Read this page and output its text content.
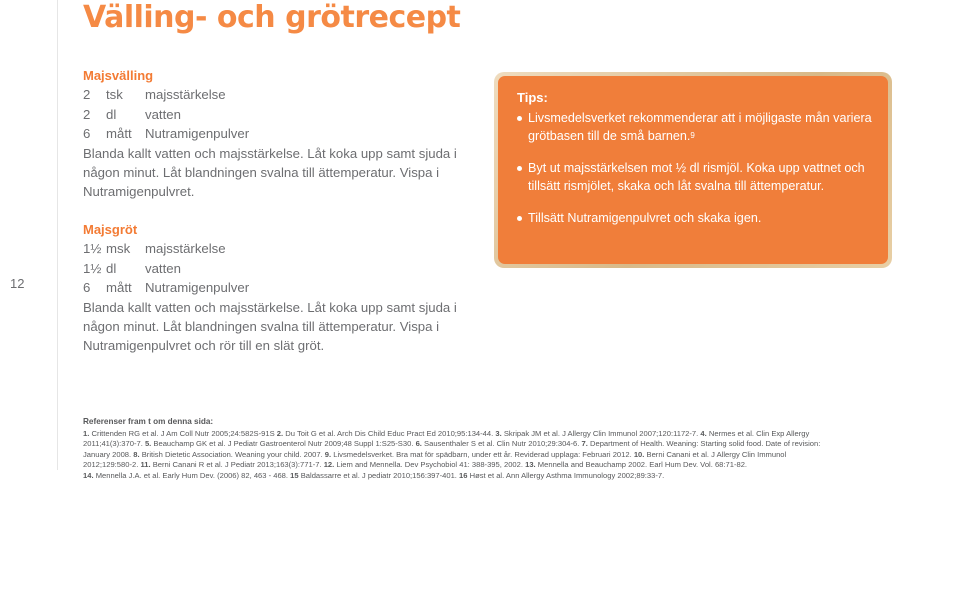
12
Välling- och grötrecept
Majsvälling
2	tsk	majsstärkelse
2	dl	vatten
6	mått	Nutramigenpulver

Blanda kallt vatten och majsstärkelse. Låt koka upp samt sjuda i någon minut. Låt blandningen svalna till ättemperatur. Vispa i Nutramigenpulvret.

Majsgröt
1½ msk	majsstärkelse
1½ dl	vatten
6	mått	Nutramigenpulver

Blanda kallt vatten och majsstärkelse. Låt koka upp samt sjuda i någon minut. Låt blandningen svalna till ättemperatur. Vispa i Nutramigenpulvret och rör till en slät gröt.

Tips:
Livsmedelsverket rekommenderar att i möjligaste mån variera grötbasen till de små barnen.$^9$
Byt ut majsstärkelsen mot ½ dl rismjöl. Koka upp vattnet och tillsätt rismjölet, skaka och låt svalna till ättemperatur.
Tillsätt Nutramigenpulvret och skaka igen.
Referenser fram t om denna sida:
1. Crittenden RG et al. J Am Coll Nutr 2005;24:582S-91S 2. Du Toit G et al. Arch Dis Child Educ Pract Ed 2010;95:134-44. 3. Skripak JM et al. J Allergy Clin Immunol 2007;120:1172-7. 4. Nermes et al. Clin Exp Allergy
2011;41(3):370-7. 5. Beauchamp GK et al. J Pediatr Gastroenterol Nutr 2009;48 Suppl 1:S25-S30. 6. Sausenthaler S et al. Clin Nutr 2010;29:304-6. 7. Department of Health. Weaning: Starting solid food. Date of revision:
January 2008. 8. British Dietetic Association. Weaning your child. 2007. 9. Livsmedelsverket. Bra mat för spädbarn, under ett år. Reviderad upplaga: Februari 2012. 10. Berni Canani et al. J Allergy Clin Immunol
2012;129:580-2. 11. Berni Canani R et al. J Pediatr 2013;163(3):771-7. 12. Liem and Mennella. Dev Psychobiol 41: 388-395, 2002. 13. Mennella and Beauchamp 2002. Earl Hum Dev. Vol. 68:71-82.
14. Mennella J.A. et al. Early Hum Dev. (2006) 82, 463 - 468. 15 Baldassarre et al. J pediatr 2010;156:397-401. 16 Høst et al. Ann Allergy Asthma Immunology 2002;89:33-7.
